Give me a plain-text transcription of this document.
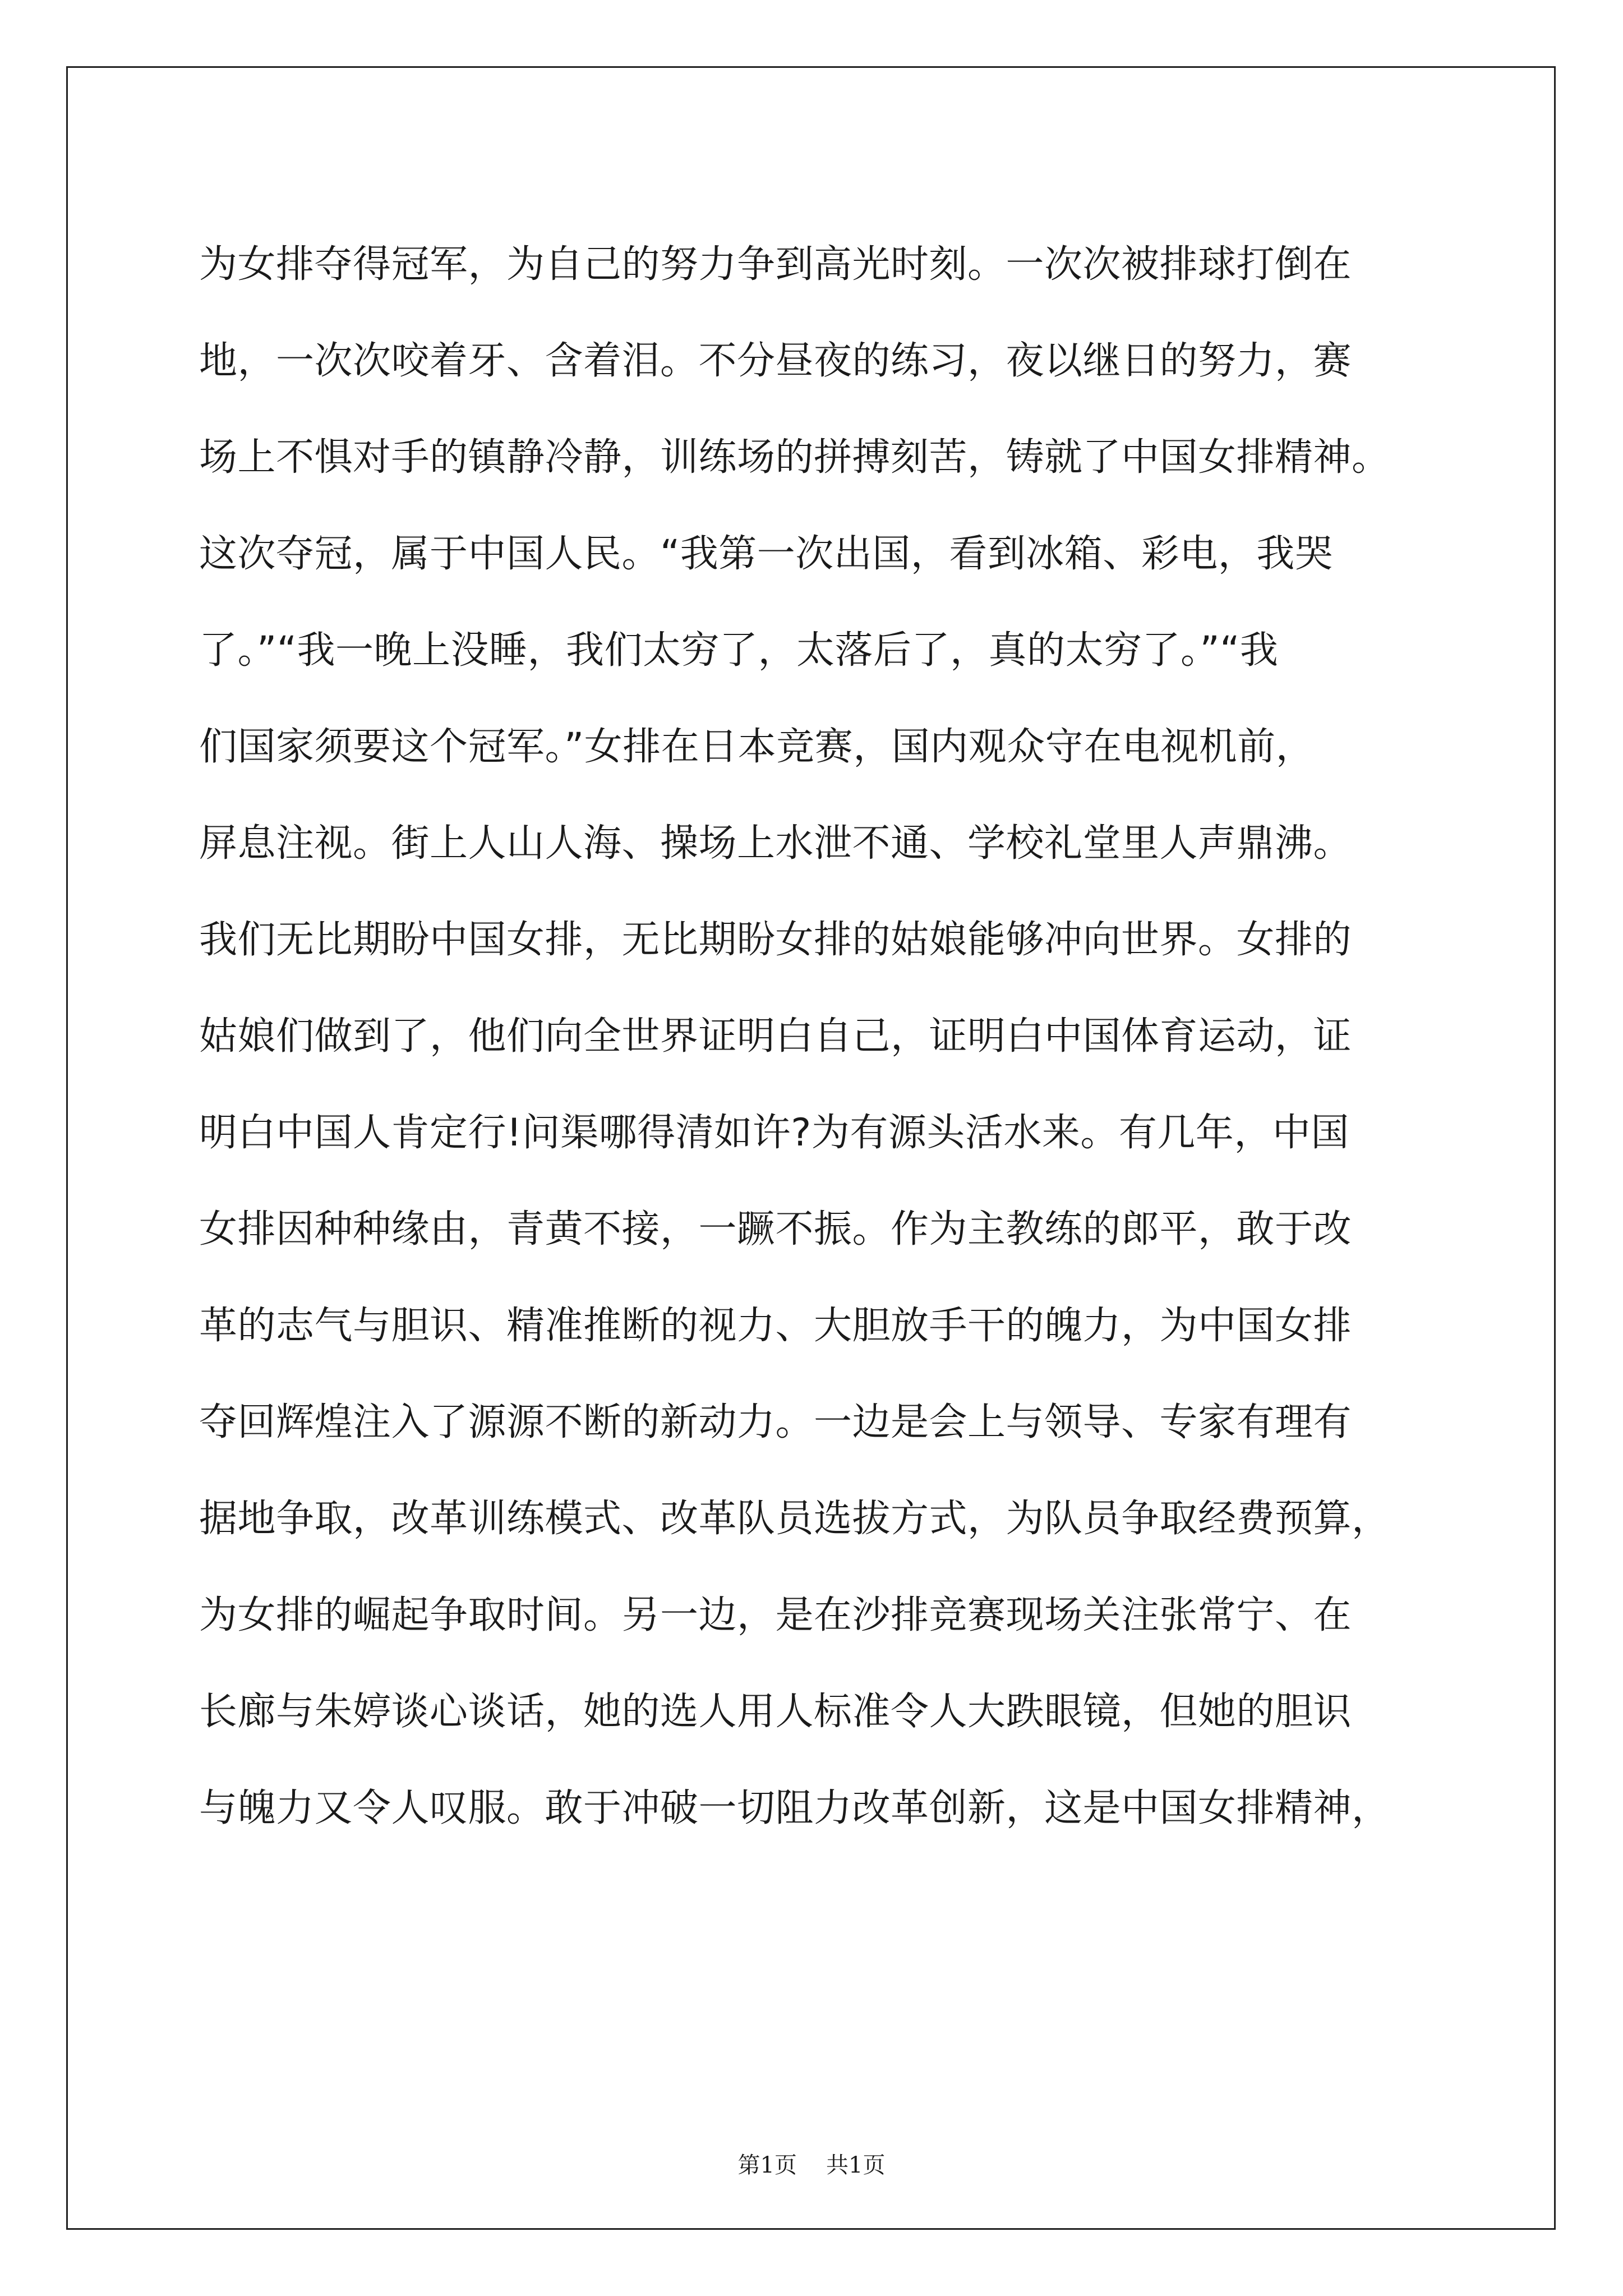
为女排夺得冠军，为自己的努力争到高光时刻。一次次被排球打倒在
地，一次次咬着牙、含着泪。不分昼夜的练习，夜以继日的努力，赛
场上不惧对手的镇静冷静，训练场的拼搏刻苦，铸就了中国女排精神。
这次夺冠，属于中国人民。“我第一次出国，看到冰箱、彩电，我哭
了。”“我一晚上没睡，我们太穷了，太落后了，真的太穷了。”“我
们国家须要这个冠军。”女排在日本竞赛，国内观众守在电视机前，
屏息注视。街上人山人海、操场上水泄不通、学校礼堂里人声鼎沸。
我们无比期盼中国女排，无比期盼女排的姑娘能够冲向世界。女排的
姑娘们做到了，他们向全世界证明白自己，证明白中国体育运动，证
明白中国人肯定行!问渠哪得清如许?为有源头活水来。有几年，中国
女排因种种缘由，青黄不接，一蹶不振。作为主教练的郎平，敢于改
革的志气与胆识、精准推断的视力、大胆放手干的魄力，为中国女排
夺回辉煌注入了源源不断的新动力。一边是会上与领导、专家有理有
据地争取，改革训练模式、改革队员选拔方式，为队员争取经费预算，
为女排的崛起争取时间。另一边，是在沙排竞赛现场关注张常宁、在
长廊与朱婷谈心谈话，她的选人用人标准令人大跌眼镜，但她的胆识
与魄力又令人叹服。敢于冲破一切阻力改革创新，这是中国女排精神，
第1页 共1页
